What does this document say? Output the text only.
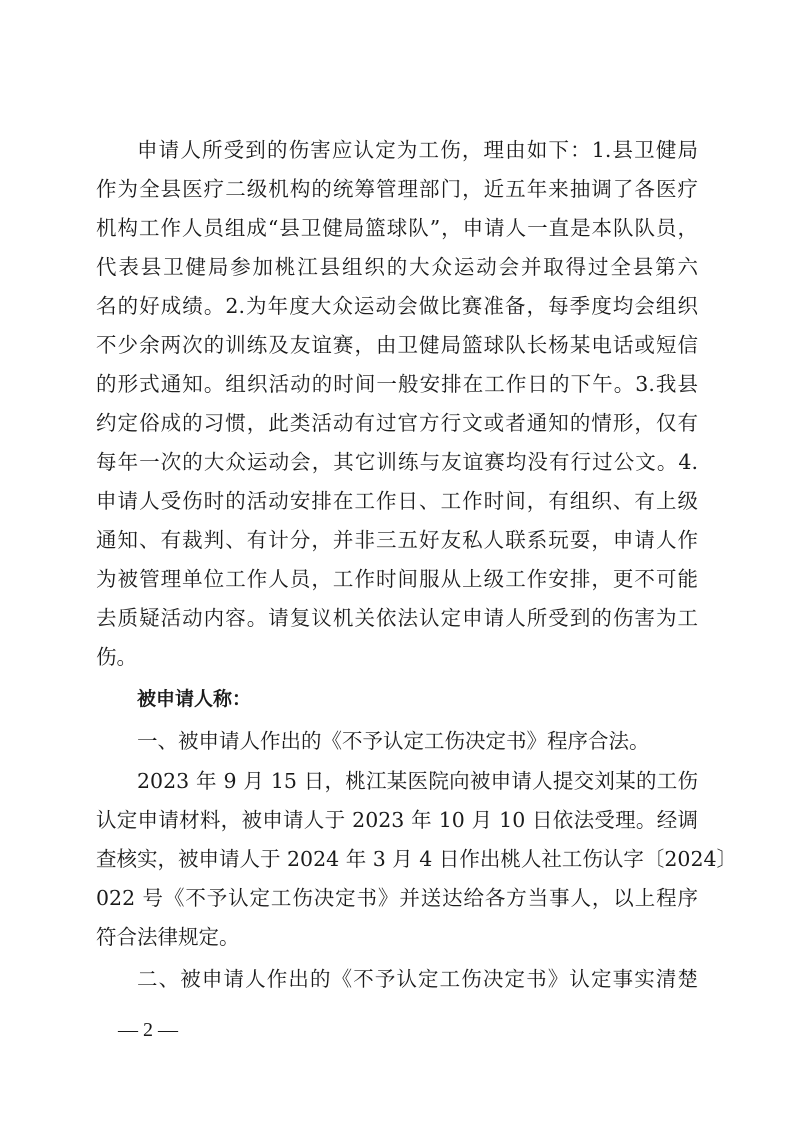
申请人所受到的伤害应认定为工伤，理由如下：1.县卫健局
作为全县医疗二级机构的统筹管理部门，近五年来抽调了各医疗
机构工作人员组成“县卫健局篮球队”，申请人一直是本队队员，
代表县卫健局参加桃江县组织的大众运动会并取得过全县第六
名的好成绩。2.为年度大众运动会做比赛准备，每季度均会组织
不少余两次的训练及友谊赛，由卫健局篮球队长杨某电话或短信
的形式通知。组织活动的时间一般安排在工作日的下午。3.我县
约定俗成的习惯，此类活动有过官方行文或者通知的情形，仅有
每年一次的大众运动会，其它训练与友谊赛均没有行过公文。4.
申请人受伤时的活动安排在工作日、工作时间，有组织、有上级
通知、有裁判、有计分，并非三五好友私人联系玩耍，申请人作
为被管理单位工作人员，工作时间服从上级工作安排，更不可能
去质疑活动内容。请复议机关依法认定申请人所受到的伤害为工
伤。
被申请人称：
一、被申请人作出的《不予认定工伤决定书》程序合法。
2023 年 9 月 15 日，桃江某医院向被申请人提交刘某的工伤
认定申请材料，被申请人于 2023 年 10 月 10 日依法受理。经调
查核实，被申请人于 2024 年 3 月 4 日作出桃人社工伤认字〔2024〕
022 号《不予认定工伤决定书》并送达给各方当事人，以上程序
符合法律规定。
二、被申请人作出的《不予认定工伤决定书》认定事实清楚
— 2 —
